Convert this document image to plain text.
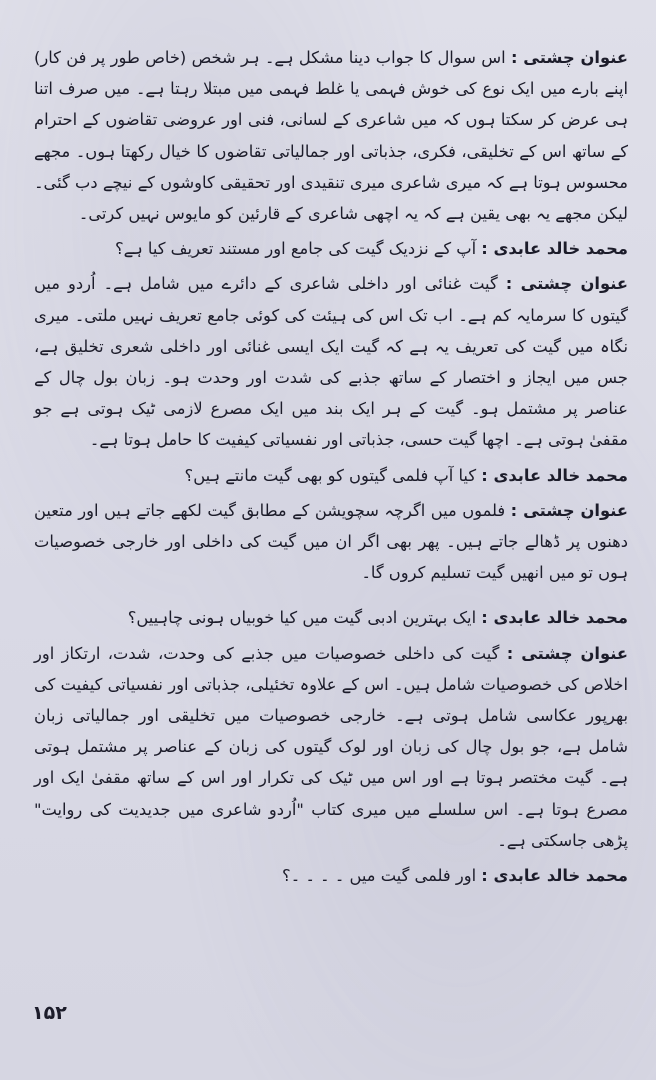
عنوان چشتی : اس سوال کا جواب دینا مشکل ہے۔ ہر شخص (خاص طور پر فن کار) اپنے بارے میں ایک نوع کی خوش فہمی یا غلط فہمی میں مبتلا رہتا ہے۔ میں صرف اتنا ہی عرض کر سکتا ہوں کہ میں شاعری کے لسانی، فنی اور عروضی تقاضوں کے احترام کے ساتھ اس کے تخلیقی، فکری، جذباتی اور جمالیاتی تقاضوں کا خیال رکھتا ہوں۔ مجھے محسوس ہوتا ہے کہ میری شاعری میری تنقیدی اور تحقیقی کاوشوں کے نیچے دب گئی۔ لیکن مجھے یہ بھی یقین ہے کہ یہ اچھی شاعری کے قارئین کو مایوس نہیں کرتی۔

محمد خالد عابدی : آپ کے نزدیک گیت کی جامع اور مستند تعریف کیا ہے؟

عنوان چشتی : گیت غنائی اور داخلی شاعری کے دائرے میں شامل ہے۔ اُردو میں گیتوں کا سرمایہ کم ہے۔ اب تک اس کی ہیئت کی کوئی جامع تعریف نہیں ملتی۔ میری نگاہ میں گیت کی تعریف یہ ہے کہ گیت ایک ایسی غنائی اور داخلی شعری تخلیق ہے، جس میں ایجاز و اختصار کے ساتھ جذبے کی شدت اور وحدت ہو۔ زبان بول چال کے عناصر پر مشتمل ہو۔ گیت کے ہر ایک بند میں ایک مصرع لازمی ٹیک ہوتی ہے جو مقفیٰ ہوتی ہے۔ اچھا گیت حسی، جذباتی اور نفسیاتی کیفیت کا حامل ہوتا ہے۔

محمد خالد عابدی : کیا آپ فلمی گیتوں کو بھی گیت مانتے ہیں؟

عنوان چشتی : فلموں میں اگرچہ سچویشن کے مطابق گیت لکھے جاتے ہیں اور متعین دھنوں پر ڈھالے جاتے ہیں۔ پھر بھی اگر ان میں گیت کی داخلی اور خارجی خصوصیات ہوں تو میں انھیں گیت تسلیم کروں گا۔

محمد خالد عابدی : ایک بہترین ادبی گیت میں کیا خوبیاں ہونی چاہییں؟

عنوان چشتی : گیت کی داخلی خصوصیات میں جذبے کی وحدت، شدت، ارتکاز اور اخلاص کی خصوصیات شامل ہیں۔ اس کے علاوہ تخئیلی، جذباتی اور نفسیاتی کیفیت کی بھرپور عکاسی شامل ہوتی ہے۔ خارجی خصوصیات میں تخلیقی اور جمالیاتی زبان شامل ہے، جو بول چال کی زبان اور لوک گیتوں کی زبان کے عناصر پر مشتمل ہوتی ہے۔ گیت مختصر ہوتا ہے اور اس میں ٹیک کی تکرار اور اس کے ساتھ مقفیٰ ایک اور مصرع ہوتا ہے۔ اس سلسلے میں میری کتاب "اُردو شاعری میں جدیدیت کی روایت" پڑھی جاسکتی ہے۔

محمد خالد عابدی : اور فلمی گیت میں ۔ ۔ ۔ ۔؟

۱۵۲
